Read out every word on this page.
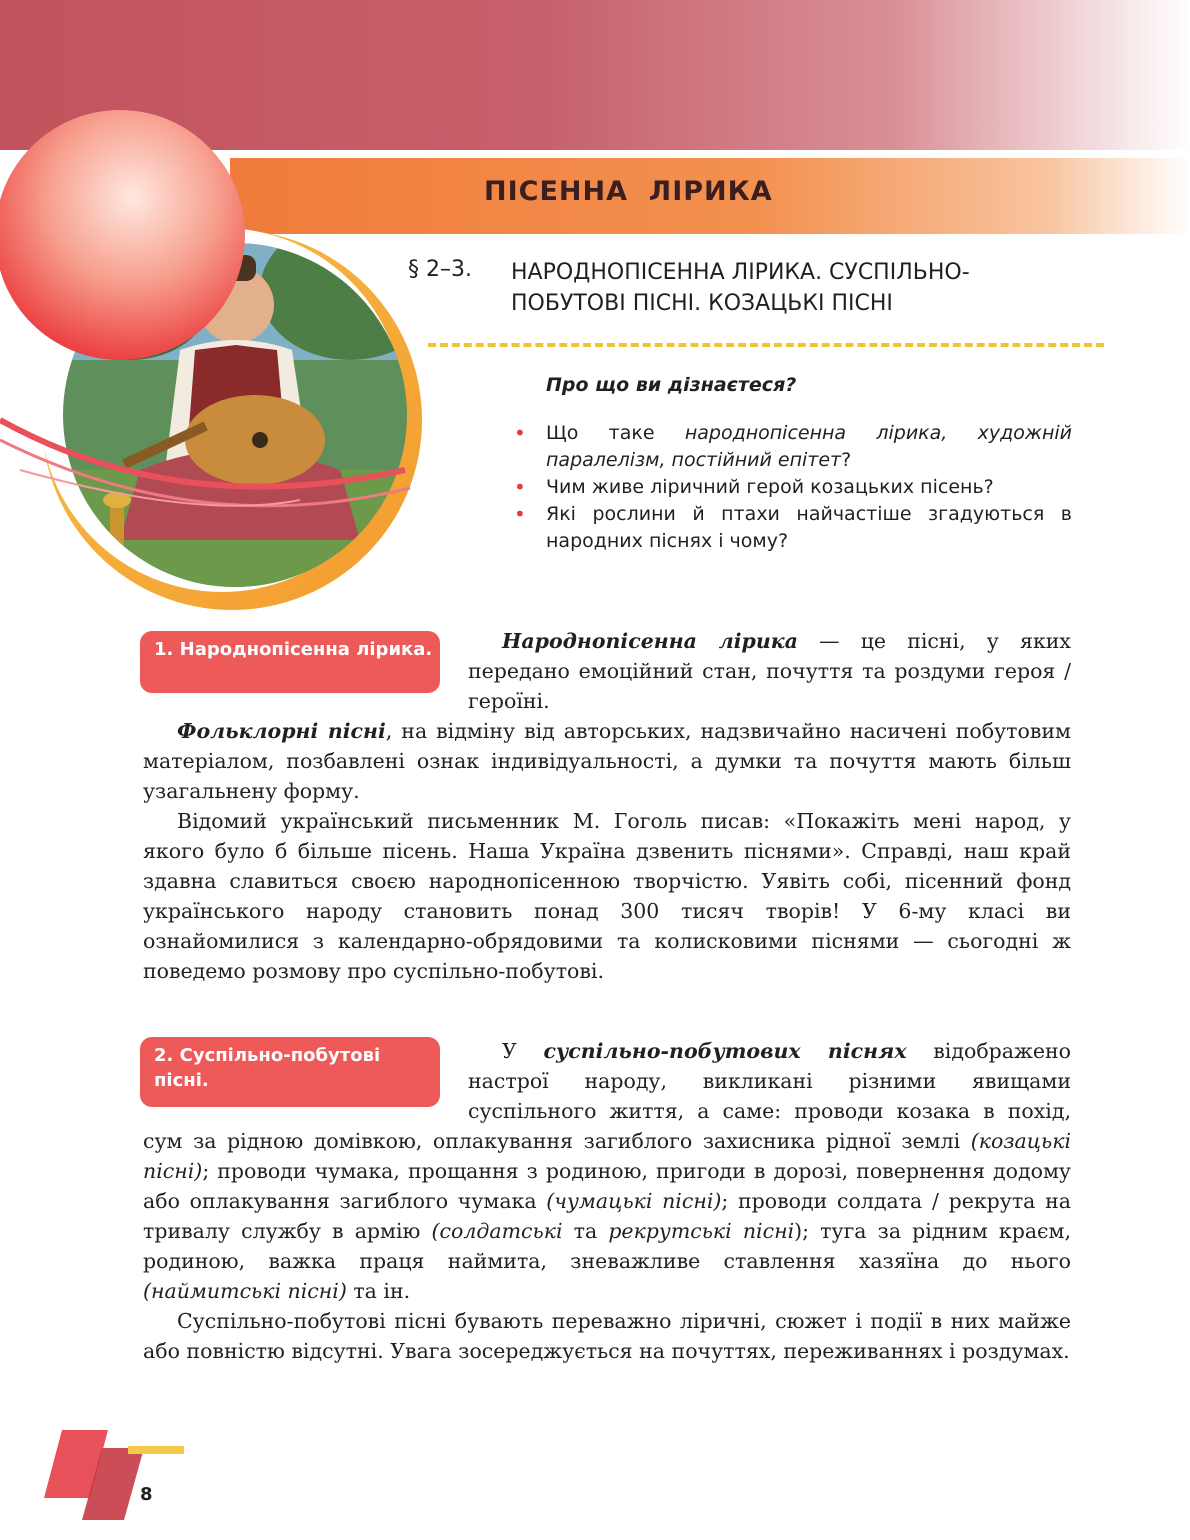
ПІСЕННА  ЛІРИКА
§ 2–3. НАРОДНОПІСЕННА ЛІРИКА. СУСПІЛЬНО-ПОБУТОВІ ПІСНІ. КОЗАЦЬКІ ПІСНІ
Про що ви дізнаєтеся?
• Що таке народнопісенна лірика, художній паралелізм, постійний епітет?
• Чим живе ліричний герой козацьких пісень?
• Які рослини й птахи найчастіше згадуються в народних піснях і чому?
1. Народнопісенна лірика.	Народнопісенна лірика — це пісні, у яких передано емоційний стан, почуття та роздуми героя / героїні.

Фольклорні пісні, на відміну від авторських, надзвичайно насичені побутовим матеріалом, позбавлені ознак індивідуальності, а думки та почуття мають більш узагальнену форму.

Відомий український письменник М. Гоголь писав: «Покажіть мені народ, у якого було б більше пісень. Наша Україна дзвенить піснями». Справді, наш край здавна славиться своєю народнопісенною творчістю. Уявіть собі, пісенний фонд українського народу становить понад 300 тисяч творів! У 6-му класі ви ознайомилися з календарно-обрядовими та колисковими піснями — сьогодні ж поведемо розмову про суспільно-побутові.

2. Суспільно-побутові пісні.

У суспільно-побутових піснях відображено настрої народу, викликані різними явищами суспільного життя, а саме: проводи козака в похід, сум за рідною домівкою, оплакування загиблого захисника рідної землі (козацькі пісні); проводи чумака, прощання з родиною, пригоди в дорозі, повернення додому або оплакування загиблого чумака (чумацькі пісні); проводи солдата / рекрута на тривалу службу в армію (солдатські та рекрутські пісні); туга за рідним краєм, родиною, важка праця наймита, зневажливе ставлення хазяїна до нього (наймитські пісні) та ін.

Суспільно-побутові пісні бувають переважно ліричні, сюжет і події в них майже або повністю відсутні. Увага зосереджується на почуттях, переживаннях і роздумах.

8
